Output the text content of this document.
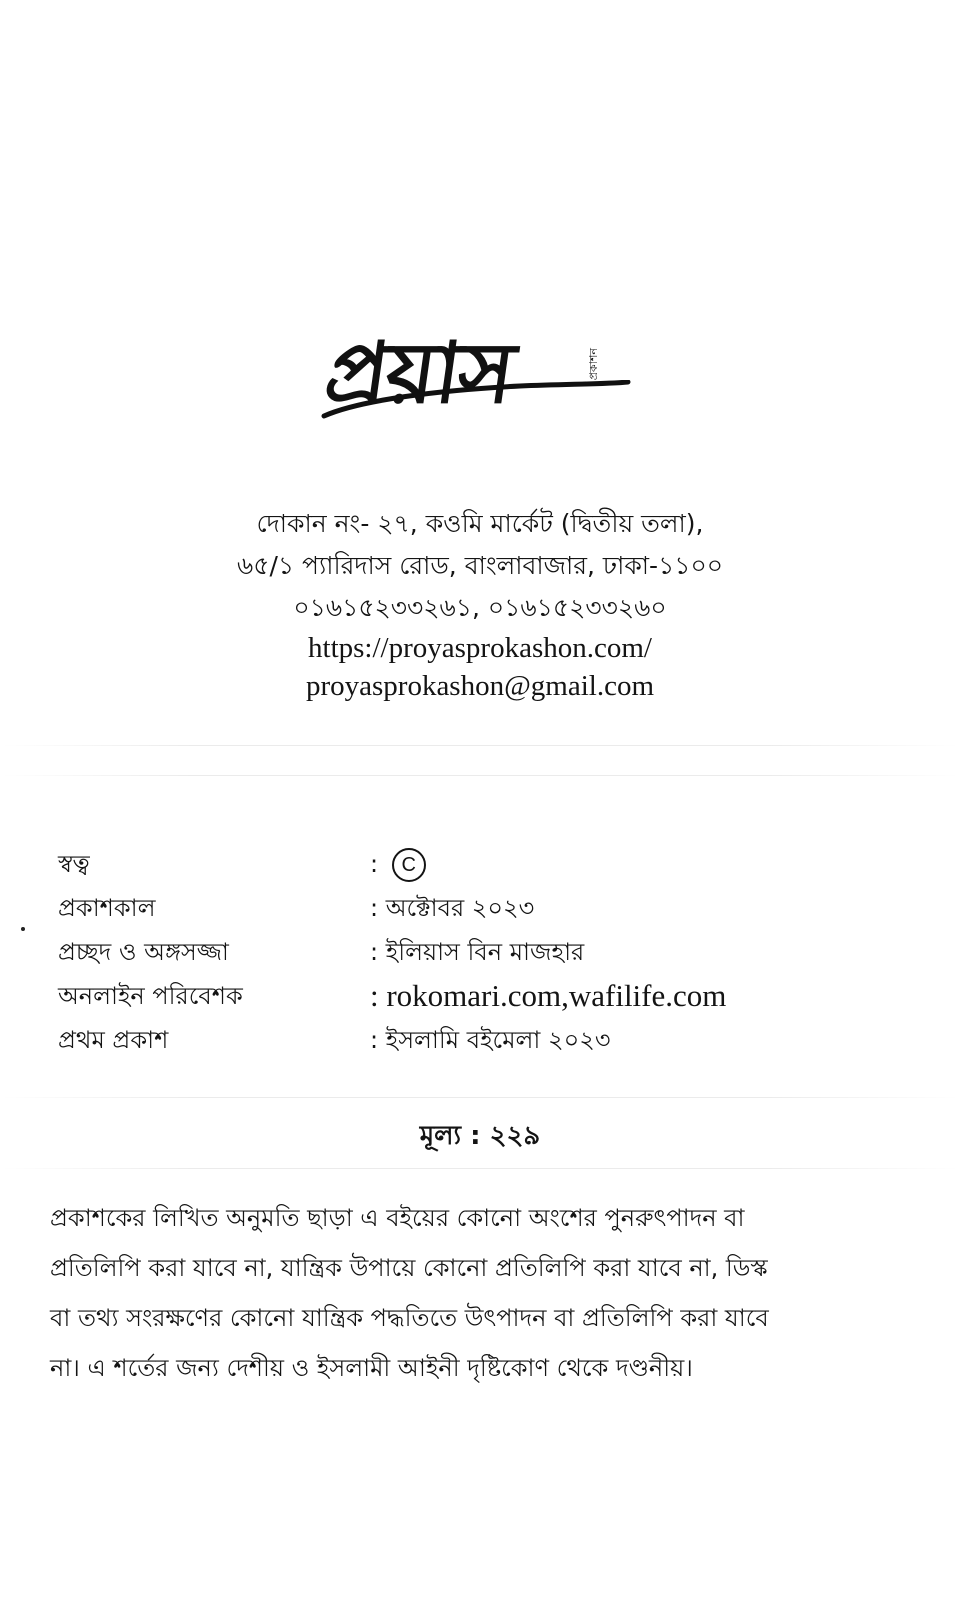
প্রয়াস	প্রকাশন
দোকান নং- ২৭, কওমি মার্কেট (দ্বিতীয় তলা),
৬৫/১ প্যারিদাস রোড, বাংলাবাজার, ঢাকা-১১০০
০১৬১৫২৩৩২৬১, ০১৬১৫২৩৩২৬০
https://proyasprokashon.com/
proyasprokashon@gmail.com
স্বত্ব	: C
প্রকাশকাল	: অক্টোবর ২০২৩
প্রচ্ছদ ও অঙ্গসজ্জা	: ইলিয়াস বিন মাজহার
অনলাইন পরিবেশক	: rokomari.com,wafilife.com
প্রথম প্রকাশ	: ইসলামি বইমেলা ২০২৩
মূল্য : ২২৯
প্রকাশকের লিখিত অনুমতি ছাড়া এ বইয়ের কোনো অংশের পুনরুৎপাদন বা
প্রতিলিপি করা যাবে না, যান্ত্রিক উপায়ে কোনো প্রতিলিপি করা যাবে না, ডিস্ক
বা তথ্য সংরক্ষণের কোনো যান্ত্রিক পদ্ধতিতে উৎপাদন বা প্রতিলিপি করা যাবে
না। এ শর্তের জন্য দেশীয় ও ইসলামী আইনী দৃষ্টিকোণ থেকে দণ্ডনীয়।
